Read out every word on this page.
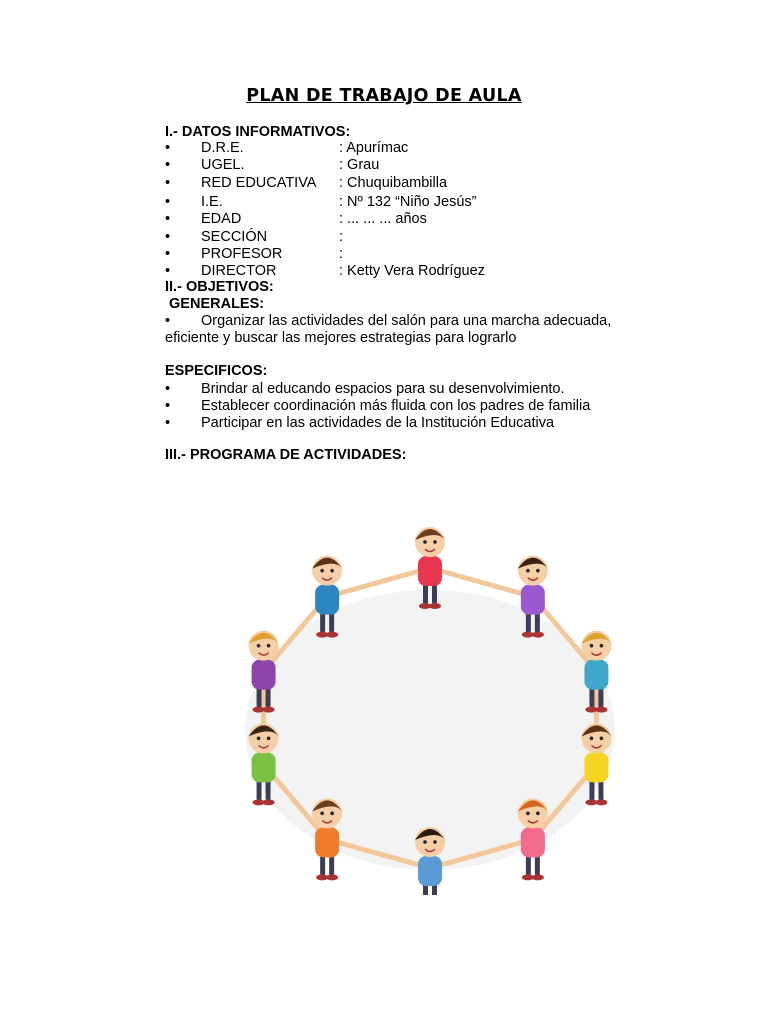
PLAN DE TRABAJO DE AULA
I.- DATOS INFORMATIVOS:
• D.R.E.	: Apurímac
• UGEL.	: Grau
• RED EDUCATIVA : Chuquibambilla
• I.E.	: Nº 132 “Niño Jesús”
• EDAD	: ... ... ... años
• SECCIÓN	:
• PROFESOR	:
• DIRECTOR	: Ketty Vera Rodríguez
II.- OBJETIVOS:
GENERALES:
• Organizar las actividades del salón para una marcha adecuada,
eficiente y buscar las mejores estrategias para lograrlo
ESPECIFICOS:
• Brindar al educando espacios para su desenvolvimiento.
• Establecer coordinación más fluida con los padres de familia
• Participar en las actividades de la Institución Educativa
III.- PROGRAMA DE ACTIVIDADES:
